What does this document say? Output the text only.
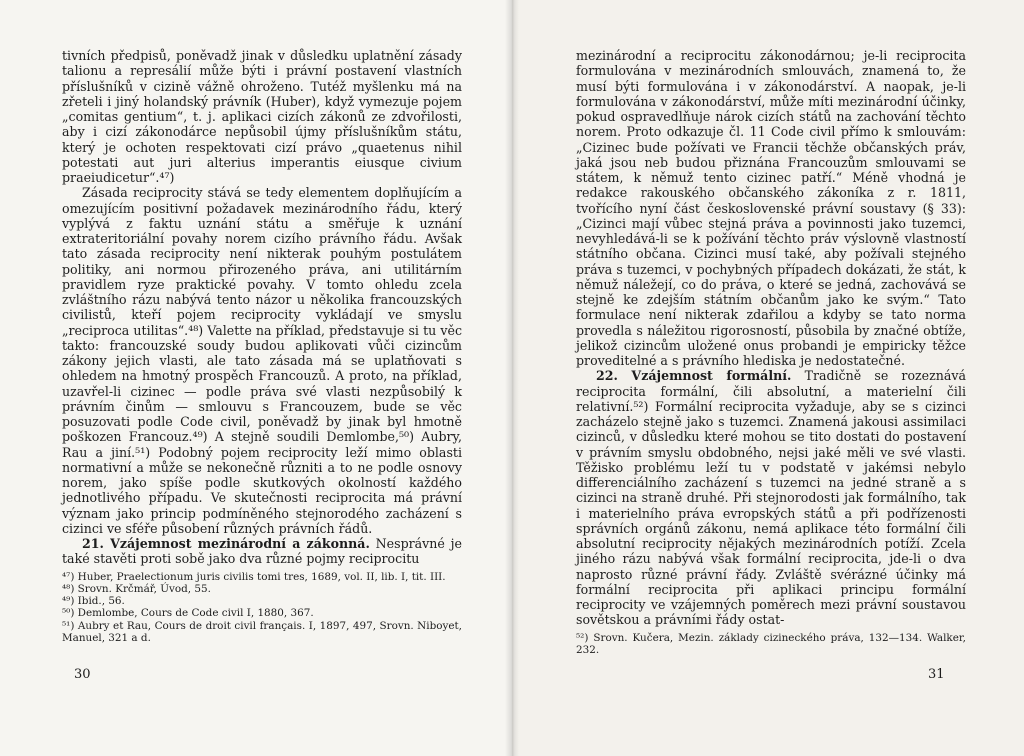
tivních předpisů, poněvadž jinak v důsledku uplatnění zásady talionu a represálií může býti i právní postavení vlastních příslušníků v cizině vážně ohroženo. Tutéž myšlenku má na zřeteli i jiný holandský právník (Huber), když vymezuje pojem „comitas gentium“, t. j. aplikaci cizích zákonů ze zdvořilosti, aby i cizí zákonodárce nepůsobil újmy příslušníkům státu, který je ochoten respektovati cizí právo „quaetenus nihil potestati aut juri alterius imperantis eiusque civium praeiudicetur“.⁴⁷)

Zásada reciprocity stává se tedy elementem doplňujícím a omezujícím positivní požadavek mezinárodního řádu, který vyplývá z faktu uznání státu a směřuje k uznání extrateritoriální povahy norem cizího právního řádu. Avšak tato zásada reciprocity není nikterak pouhým postulátem politiky, ani normou přirozeného práva, ani utilitárním pravidlem ryze praktické povahy. V tomto ohledu zcela zvláštního rázu nabývá tento názor u několika francouzských civilistů, kteří pojem reciprocity vykládají ve smyslu „reciproca utilitas“.⁴⁸) Valette na příklad, představuje si tu věc takto: francouzské soudy budou aplikovati vůči cizincům zákony jejich vlasti, ale tato zásada má se uplatňovati s ohledem na hmotný prospěch Francouzů. A proto, na příklad, uzavřel-li cizinec — podle práva své vlasti nezpůsobilý k právním činům — smlouvu s Francouzem, bude se věc posuzovati podle Code civil, poněvadž by jinak byl hmotně poškozen Francouz.⁴⁹) A stejně soudili Demlombe,⁵⁰) Aubry, Rau a jiní.⁵¹) Podobný pojem reciprocity leží mimo oblasti normativní a může se nekonečně různiti a to ne podle osnovy norem, jako spíše podle skutkových okolností každého jednotlivého případu. Ve skutečnosti reciprocita má právní význam jako princip podmíněného stejnorodého zacházení s cizinci ve sféře působení různých právních řádů.

21. Vzájemnost mezinárodní a zákonná. Nesprávné je také stavěti proti sobě jako dva různé pojmy reciprocitu

⁴⁷) Huber, Praelectionum juris civilis tomi tres, 1689, vol. II, lib. I, tit. III.
⁴⁸) Srovn. Krčmář, Úvod, 55.
⁴⁹) Ibid., 56.
⁵⁰) Demlombe, Cours de Code civil I, 1880, 367.
⁵¹) Aubry et Rau, Cours de droit civil français. I, 1897, 497, Srovn. Niboyet, Manuel, 321 a d.
30

mezinárodní a reciprocitu zákonodárnou; je-li reciprocita formulována v mezinárodních smlouvách, znamená to, že musí býti formulována i v zákonodárství. A naopak, je-li formulována v zákonodárství, může míti mezinárodní účinky, pokud ospravedlňuje nárok cizích států na zachování těchto norem. Proto odkazuje čl. 11 Code civil přímo k smlouvám: „Cizinec bude požívati ve Francii těchže občanských práv, jaká jsou neb budou přiznána Francouzům smlouvami se státem, k němuž tento cizinec patří.“ Méně vhodná je redakce rakouského občanského zákoníka z r. 1811, tvořícího nyní část československé právní soustavy (§ 33): „Cizinci mají vůbec stejná práva a povinnosti jako tuzemci, nevyhledává-li se k požívání těchto práv výslovně vlastností státního občana. Cizinci musí také, aby požívali stejného práva s tuzemci, v pochybných případech dokázati, že stát, k němuž náležejí, co do práva, o které se jedná, zachovává se stejně ke zdejším státním občanům jako ke svým.“ Tato formulace není nikterak zdařilou a kdyby se tato norma provedla s náležitou rigorosností, působila by značné obtíže, jelikož cizincům uložené onus probandi je empiricky těžce proveditelné a s právního hlediska je nedostatečné.

22. Vzájemnost formální. Tradičně se rozeznává reciprocita formální, čili absolutní, a materielní čili relativní.⁵²) Formální reciprocita vyžaduje, aby se s cizinci zacházelo stejně jako s tuzemci. Znamená jakousi assimilaci cizinců, v důsledku které mohou se tito dostati do postavení v právním smyslu obdobného, nejsi jaké měli ve své vlasti. Těžisko problému leží tu v podstatě v jakémsi nebylo differenciálního zacházení s tuzemci na jedné straně a s cizinci na straně druhé. Při stejnorodosti jak formálního, tak i materielního práva evropských států a při podřízenosti správních orgánů zákonu, nemá aplikace této formální čili absolutní reciprocity nějakých mezinárodních potíží. Zcela jiného rázu nabývá však formální reciprocita, jde-li o dva naprosto různé právní řády. Zvláště svérázné účinky má formální reciprocita při aplikaci principu formální reciprocity ve vzájemných poměrech mezi právní soustavou sovětskou a právními řády ostat-

⁵²) Srovn. Kučera, Mezin. základy cizineckého práva, 132—134. Walker, 232.
31
